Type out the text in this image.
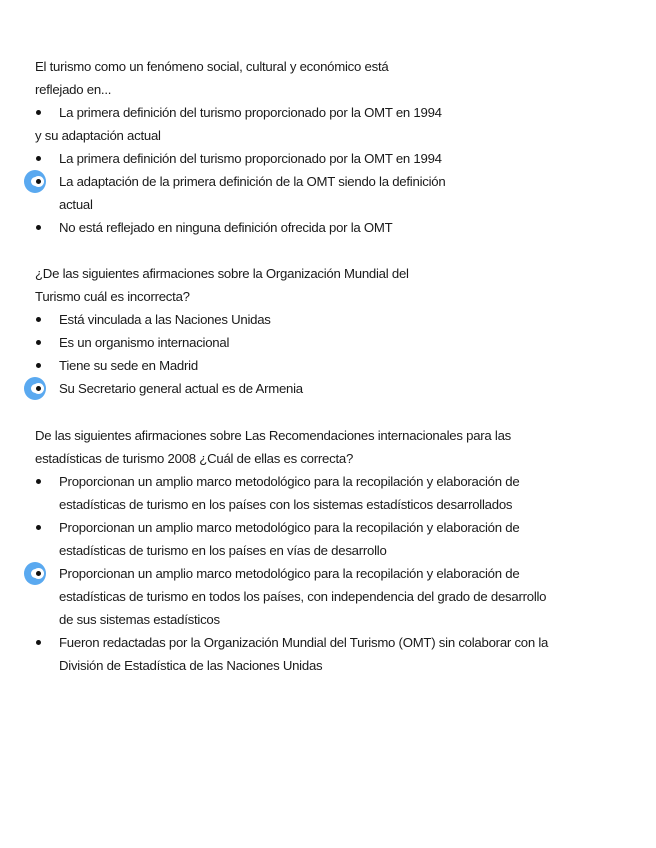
El turismo como un fenómeno social, cultural y económico está
reflejado en...

La primera definición del turismo proporcionado por la OMT en 1994
y su adaptación actual
La primera definición del turismo proporcionado por la OMT en 1994
La adaptación de la primera definición de la OMT siendo la definición
actual
No está reflejado en ninguna definición ofrecida por la OMT

¿De las siguientes afirmaciones sobre la Organización Mundial del
Turismo cuál es incorrecta?

Está vinculada a las Naciones Unidas
Es un organismo internacional
Tiene su sede en Madrid
Su Secretario general actual es de Armenia

De las siguientes afirmaciones sobre Las Recomendaciones internacionales para las
estadísticas de turismo 2008 ¿Cuál de ellas es correcta?

Proporcionan un amplio marco metodológico para la recopilación y elaboración de
estadísticas de turismo en los países con los sistemas estadísticos desarrollados
Proporcionan un amplio marco metodológico para la recopilación y elaboración de
estadísticas de turismo en los países en vías de desarrollo
Proporcionan un amplio marco metodológico para la recopilación y elaboración de
estadísticas de turismo en todos los países, con independencia del grado de desarrollo
de sus sistemas estadísticos
Fueron redactadas por la Organización Mundial del Turismo (OMT) sin colaborar con la
División de Estadística de las Naciones Unidas
